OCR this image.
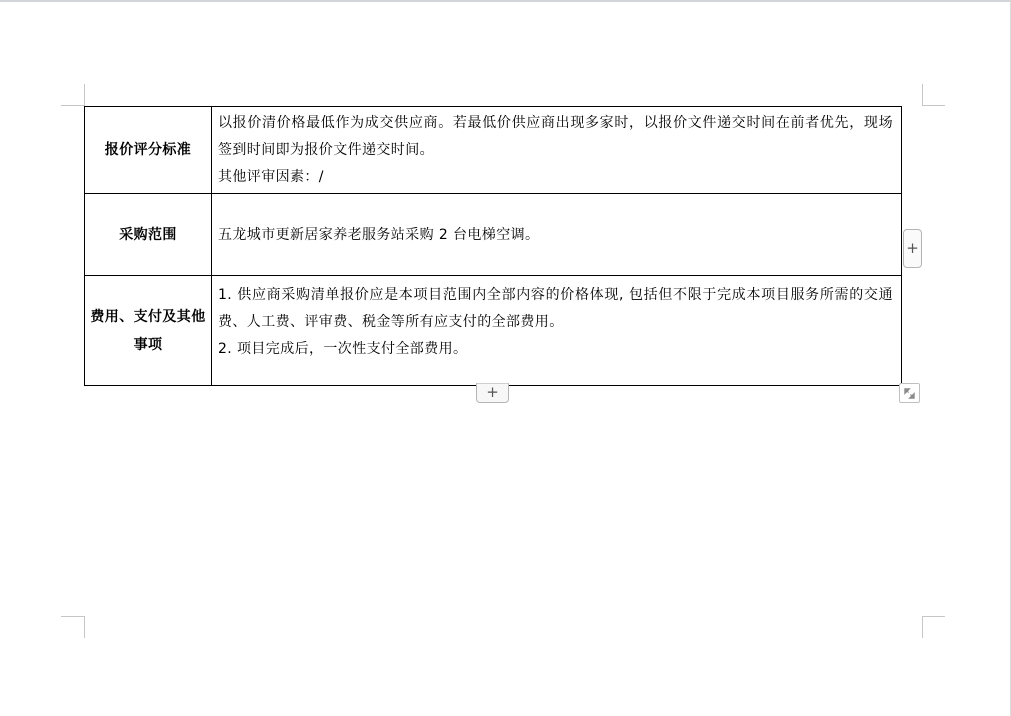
报价评分标准	以报价清价格最低作为成交供应商。若最低价供应商出现多家时，以报价文件递交时间在前者优先，现场签到时间即为报价文件递交时间。

其他评审因素：/

采购范围	五龙城市更新居家养老服务站采购 2 台电梯空调。

费用、支付及其他事项	1. 供应商采购清单报价应是本项目范围内全部内容的价格体现, 包括但不限于完成本项目服务所需的交通费、人工费、评审费、税金等所有应支付的全部费用。

2. 项目完成后，一次性支付全部费用。

+
+
